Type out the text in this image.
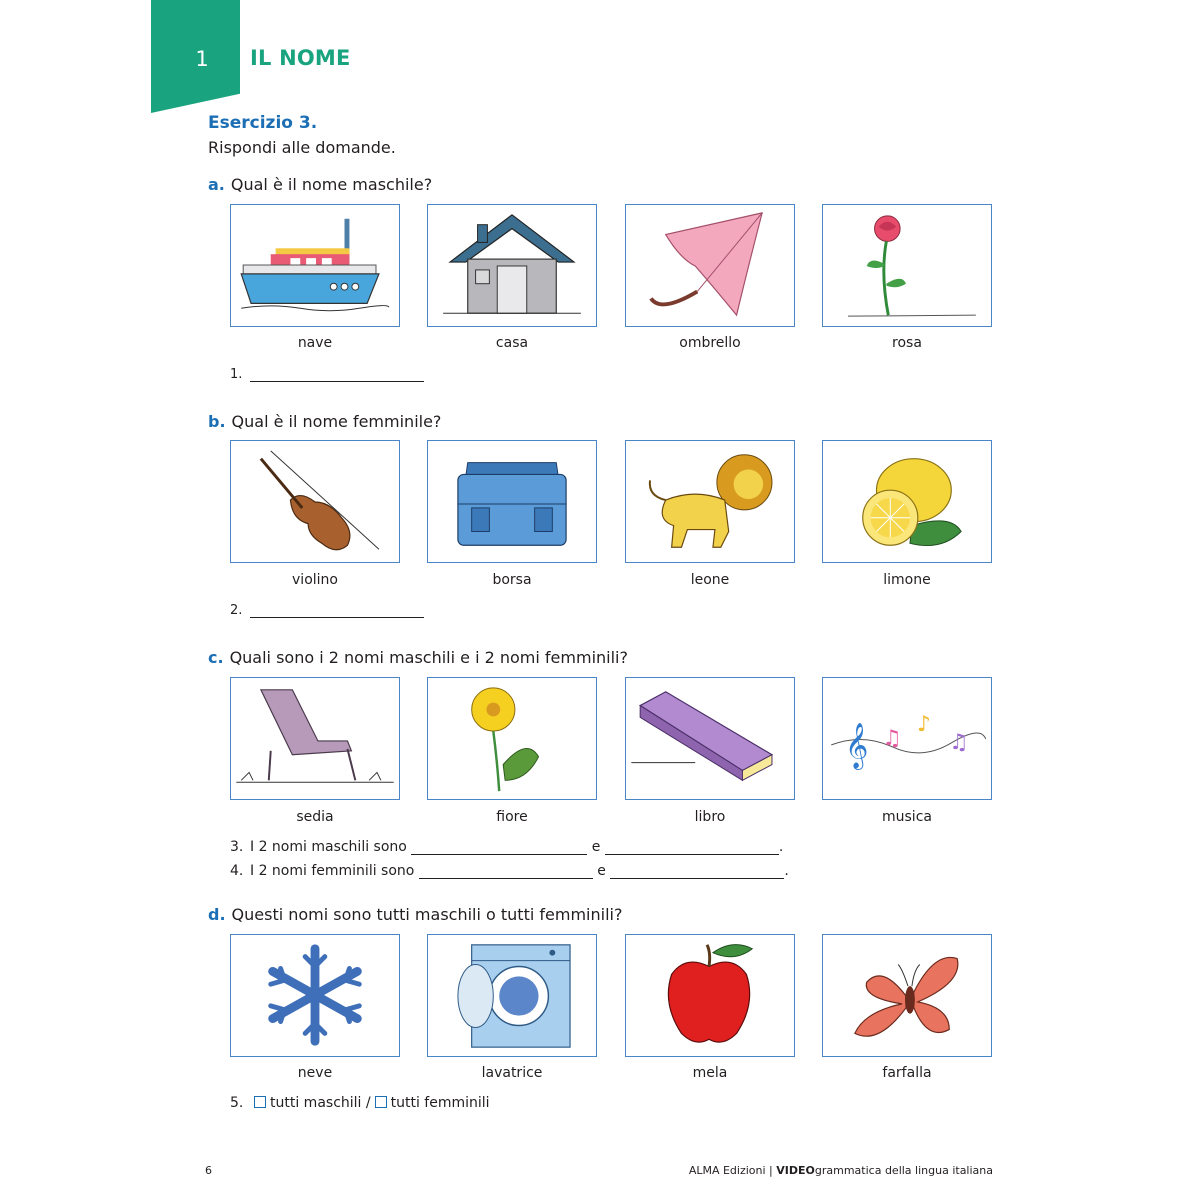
1 IL NOME
Esercizio 3.
Rispondi alle domande.
a. Qual è il nome maschile?
nave	casa	ombrello	rosa
1.
b. Qual è il nome femminile?
violino	borsa	leone	limone
2.
c. Quali sono i 2 nomi maschili e i 2 nomi femminili?
𝄞 ♫
♪
♫
sedia	fiore	libro	musica
3. I 2 nomi maschili sono	e	.
4. I 2 nomi femminili sono	e	.
d. Questi nomi sono tutti maschili o tutti femminili?
neve	lavatrice	mela	farfalla
5. tutti maschili / tutti femminili
6	ALMA Edizioni | VIDEOgrammatica della lingua italiana
